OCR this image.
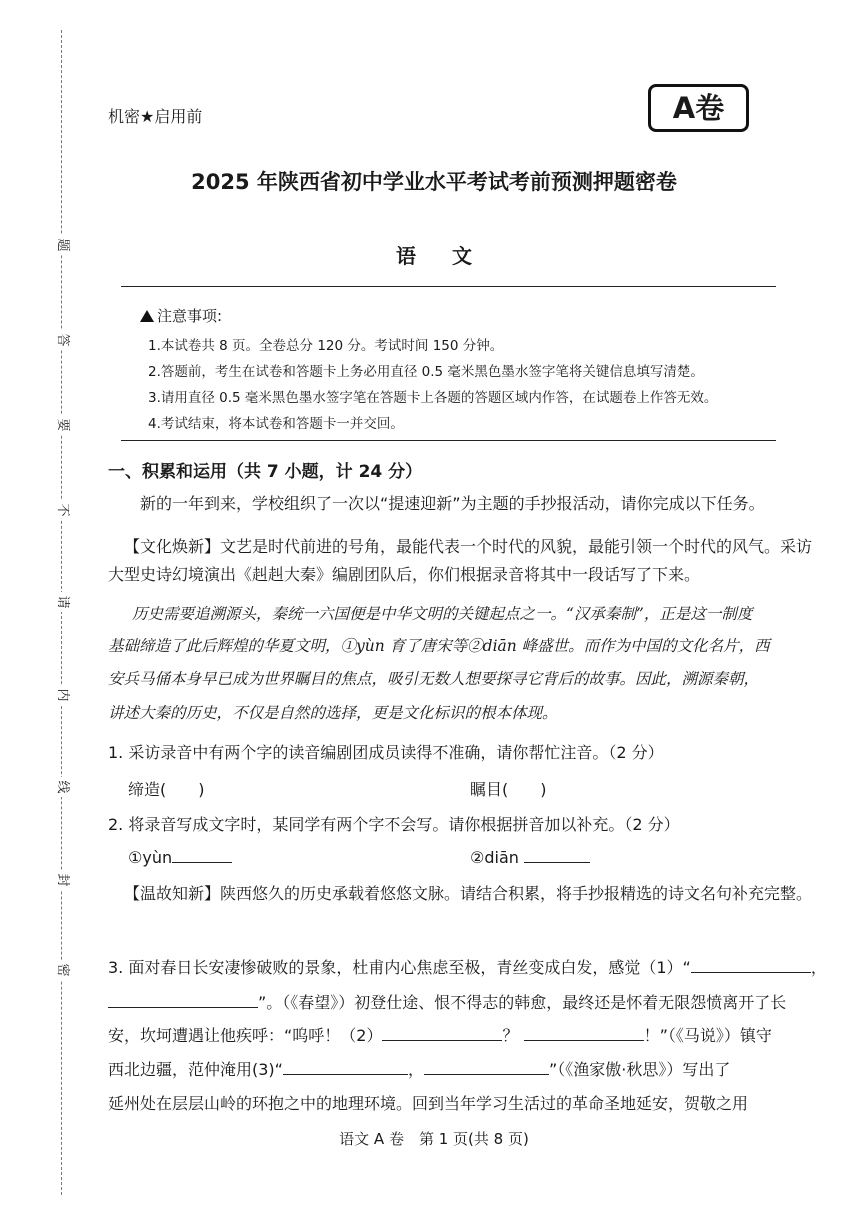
题
答
要
不
请
内
线
封
密
机密★启用前	A卷
2025 年陕西省初中学业水平考试考前预测押题密卷
语文
注意事项:
1.本试卷共 8 页。全卷总分 120 分。考试时间 150 分钟。
2.答题前，考生在试卷和答题卡上务必用直径 0.5 毫米黑色墨水签字笔将关键信息填写清楚。
3.请用直径 0.5 毫米黑色墨水签字笔在答题卡上各题的答题区域内作答，在试题卷上作答无效。
4.考试结束，将本试卷和答题卡一并交回。
一、积累和运用（共 7 小题，计 24 分）
新的一年到来，学校组织了一次以“提速迎新”为主题的手抄报活动，请你完成以下任务。
【文化焕新】文艺是时代前进的号角，最能代表一个时代的风貌，最能引领一个时代的风气。采访大型史诗幻境演出《赳赳大秦》编剧团队后，你们根据录音将其中一段话写了下来。
历史需要追溯源头，秦统一六国便是中华文明的关键起点之一。“汉承秦制”，正是这一制度
基础缔造了此后辉煌的华夏文明，①yùn 育了唐宋等②diān 峰盛世。而作为中国的文化名片，西
安兵马俑本身早已成为世界瞩目的焦点，吸引无数人想要探寻它背后的故事。因此，溯源秦朝，
讲述大秦的历史，不仅是自然的选择，更是文化标识的根本体现。
1. 采访录音中有两个字的读音编剧团成员读得不准确，请你帮忙注音。（2 分）
缔造(　　)	瞩目(　　)
2. 将录音写成文字时，某同学有两个字不会写。请你根据拼音加以补充。（2 分）
①yùn	②diān
【温故知新】陕西悠久的历史承载着悠悠文脉。请结合积累，将手抄报精选的诗文名句补充完整。
3. 面对春日长安凄惨破败的景象，杜甫内心焦虑至极，青丝变成白发，感觉（1）“	，
”。（《春望》）初登仕途、恨不得志的韩愈，最终还是怀着无限怨愤离开了长
安，坎坷遭遇让他疾呼：“呜呼！（2）	？	！”（《马说》）镇守
西北边疆，范仲淹用(3)“	，	”（《渔家傲·秋思》）写出了
延州处在层层山岭的环抱之中的地理环境。回到当年学习生活过的革命圣地延安，贺敬之用
语文 A 卷　第 1 页(共 8 页)
